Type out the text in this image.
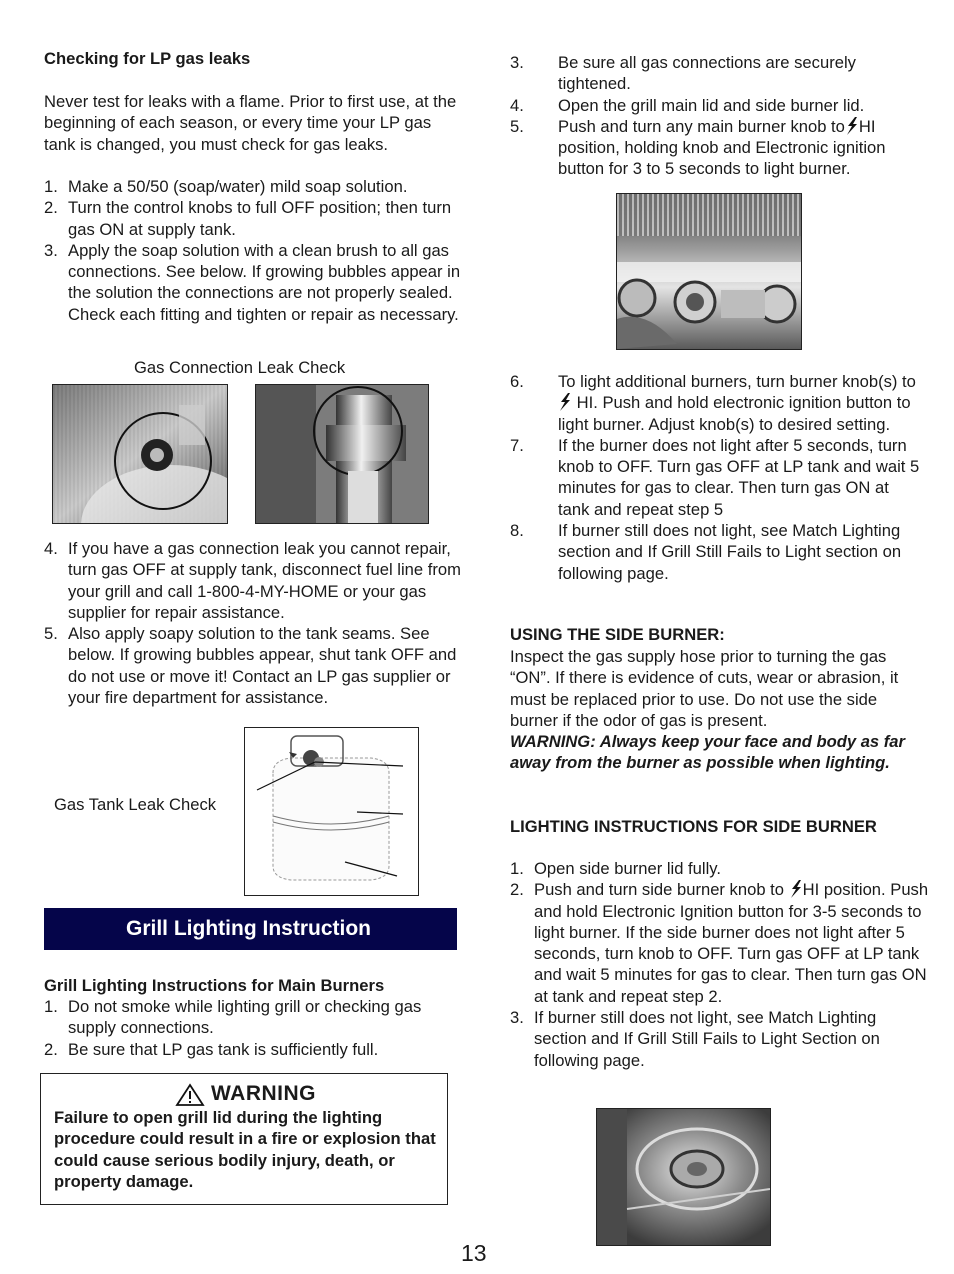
Checking for LP gas leaks
Never test for leaks with a flame. Prior to first use, at the beginning of each season, or every time your LP gas tank is changed, you must check for gas leaks.
1. Make a 50/50 (soap/water) mild soap solution.
2. Turn the control knobs to full OFF position; then turn gas ON at supply tank.
3. Apply the soap solution with a clean brush to all gas connections. See below. If growing bubbles appear in the solution the connections are not properly sealed. Check each fitting and tighten or repair as necessary.
Gas Connection Leak Check
4. If you have a gas connection leak you cannot repair, turn gas OFF at supply tank, disconnect fuel line from your grill and call 1-800-4-MY-HOME or your gas supplier for repair assistance.
5. Also apply soapy solution to the tank seams. See below. If growing bubbles appear, shut tank OFF and do not use or move it! Contact an LP gas supplier or your fire department for assistance.
Gas Tank Leak Check
Grill Lighting Instruction
Grill Lighting Instructions for Main Burners
1. Do not smoke while lighting grill or checking gas supply connections.
2. Be sure that LP gas tank is sufficiently full.
WARNING
Failure to open grill lid during the lighting procedure could result in a fire or explosion that could cause serious bodily injury, death, or property damage.
3. Be sure all gas connections are securely tightened.
4. Open the grill main lid and side burner lid.
5. Push and turn any main burner knob to HI position, holding knob and Electronic ignition button for 3 to 5 seconds to light burner.
6. To light additional burners, turn burner knob(s) to  HI. Push and hold electronic ignition button to light burner. Adjust knob(s) to desired setting.
7. If the burner does not light after 5 seconds, turn knob to OFF. Turn gas OFF at LP tank and wait 5 minutes for gas to clear. Then turn gas ON at tank and repeat step 5
8. If burner still does not light, see Match Lighting section and If Grill Still Fails to Light section on following page.
USING THE SIDE BURNER:
Inspect the gas supply hose prior to turning the gas “ON”. If there is evidence of cuts, wear or abrasion, it must be replaced prior to use. Do not use the side burner if the odor of gas is present.
WARNING: Always keep your face and body as far away from the burner as possible when lighting.
LIGHTING INSTRUCTIONS FOR SIDE BURNER
1. Open side burner lid fully.
2. Push and turn side burner knob to HI position. Push and hold Electronic Ignition button for 3-5 seconds to light burner. If the side burner does not light after 5 seconds, turn knob to OFF. Turn gas OFF at LP tank and wait 5 minutes for gas to clear. Then turn gas ON at tank and repeat step 2.
3. If burner still does not light, see Match Lighting section and If Grill Still Fails to Light Section on following page.
13
